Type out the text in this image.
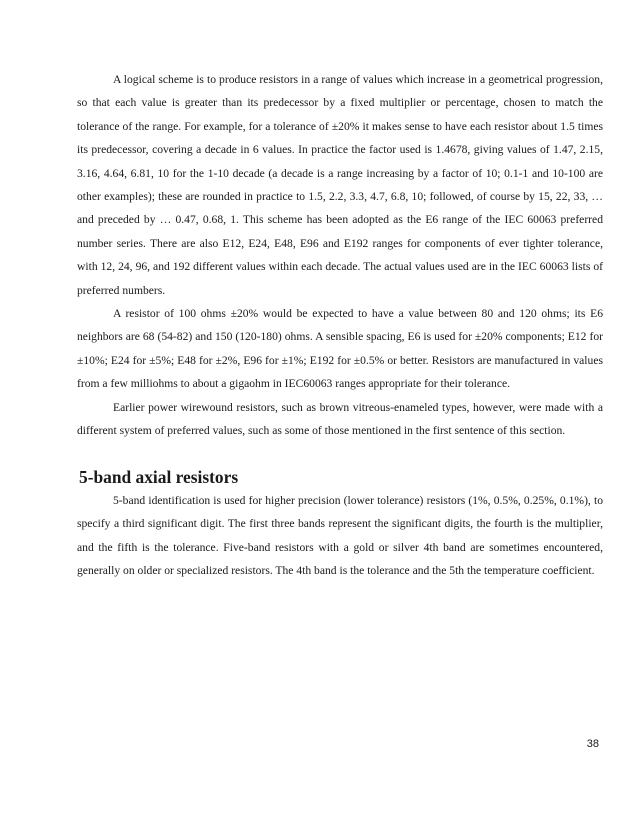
A logical scheme is to produce resistors in a range of values which increase in a geometrical progression, so that each value is greater than its predecessor by a fixed multiplier or percentage, chosen to match the tolerance of the range. For example, for a tolerance of ±20% it makes sense to have each resistor about 1.5 times its predecessor, covering a decade in 6 values. In practice the factor used is 1.4678, giving values of 1.47, 2.15, 3.16, 4.64, 6.81, 10 for the 1-10 decade (a decade is a range increasing by a factor of 10; 0.1-1 and 10-100 are other examples); these are rounded in practice to 1.5, 2.2, 3.3, 4.7, 6.8, 10; followed, of course by 15, 22, 33, … and preceded by … 0.47, 0.68, 1. This scheme has been adopted as the E6 range of the IEC 60063 preferred number series. There are also E12, E24, E48, E96 and E192 ranges for components of ever tighter tolerance, with 12, 24, 96, and 192 different values within each decade. The actual values used are in the IEC 60063 lists of preferred numbers.

A resistor of 100 ohms ±20% would be expected to have a value between 80 and 120 ohms; its E6 neighbors are 68 (54-82) and 150 (120-180) ohms. A sensible spacing, E6 is used for ±20% components; E12 for ±10%; E24 for ±5%; E48 for ±2%, E96 for ±1%; E192 for ±0.5% or better. Resistors are manufactured in values from a few milliohms to about a gigaohm in IEC60063 ranges appropriate for their tolerance.

Earlier power wirewound resistors, such as brown vitreous-enameled types, however, were made with a different system of preferred values, such as some of those mentioned in the first sentence of this section.

5-band axial resistors

5-band identification is used for higher precision (lower tolerance) resistors (1%, 0.5%, 0.25%, 0.1%), to specify a third significant digit. The first three bands represent the significant digits, the fourth is the multiplier, and the fifth is the tolerance. Five-band resistors with a gold or silver 4th band are sometimes encountered, generally on older or specialized resistors. The 4th band is the tolerance and the 5th the temperature coefficient.

38
